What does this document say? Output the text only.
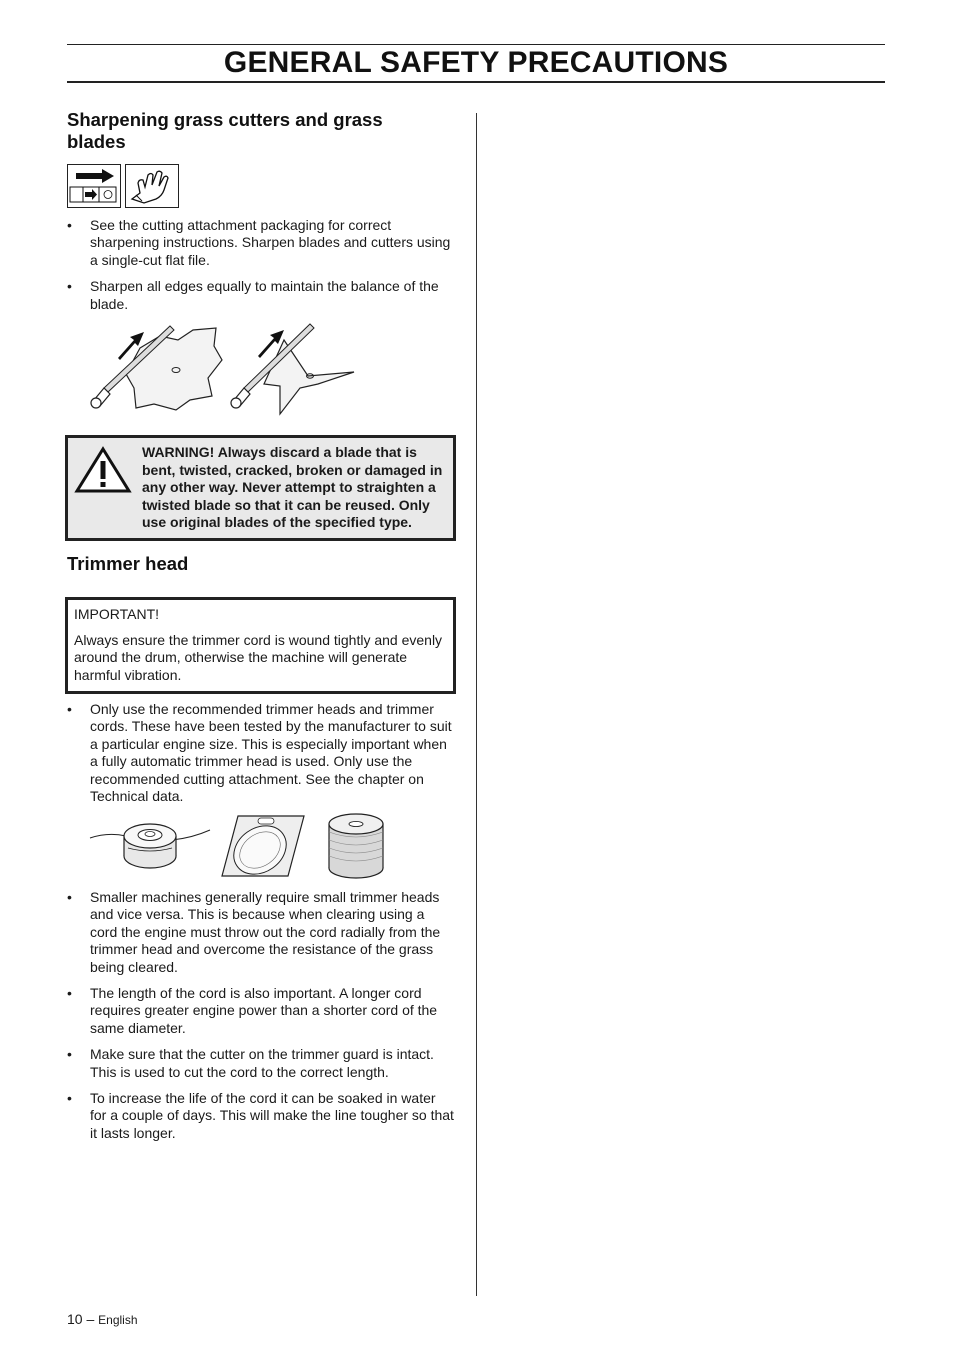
GENERAL SAFETY PRECAUTIONS
Sharpening grass cutters and grass
blades
• See the cutting attachment packaging for correct sharpening instructions. Sharpen blades and cutters using a single-cut flat file.
• Sharpen all edges equally to maintain the balance of the blade.
WARNING! Always discard a blade that is bent, twisted, cracked, broken or damaged in any other way. Never attempt to straighten a twisted blade so that it can be reused. Only use original blades of the specified type.
Trimmer head
IMPORTANT!
Always ensure the trimmer cord is wound tightly and evenly around the drum, otherwise the machine will generate harmful vibration.
• Only use the recommended trimmer heads and trimmer cords. These have been tested by the manufacturer to suit a particular engine size. This is especially important when a fully automatic trimmer head is used. Only use the recommended cutting attachment. See the chapter on Technical data.
• Smaller machines generally require small trimmer heads and vice versa. This is because when clearing using a cord the engine must throw out the cord radially from the trimmer head and overcome the resistance of the grass being cleared.
• The length of the cord is also important. A longer cord requires greater engine power than a shorter cord of the same diameter.
• Make sure that the cutter on the trimmer guard is intact. This is used to cut the cord to the correct length.
• To increase the life of the cord it can be soaked in water for a couple of days. This will make the line tougher so that it lasts longer.
10 – English
